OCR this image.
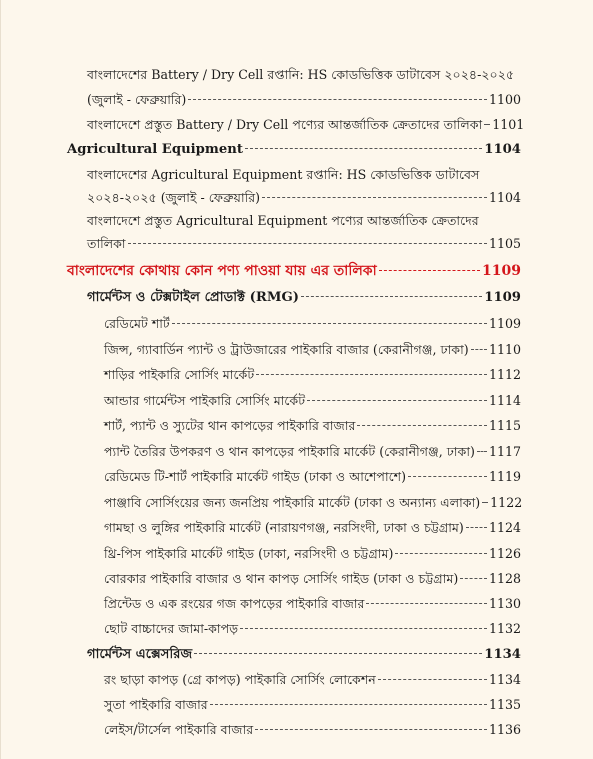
বাংলাদেশের Battery / Dry Cell রপ্তানি: HS কোডভিত্তিক ডাটাবেস ২০২৪-২০২৫
(জুলাই - ফেব্রুয়ারি)	1100
বাংলাদেশে প্রস্তুত Battery / Dry Cell পণ্যের আন্তর্জাতিক ক্রেতাদের তালিকা 1101
Agricultural Equipment	1104
বাংলাদেশের Agricultural Equipment রপ্তানি: HS কোডভিত্তিক ডাটাবেস
২০২৪-২০২৫ (জুলাই - ফেব্রুয়ারি)	1104
বাংলাদেশে প্রস্তুত Agricultural Equipment পণ্যের আন্তর্জাতিক ক্রেতাদের
তালিকা	1105
বাংলাদেশের কোথায় কোন পণ্য পাওয়া যায় এর তালিকা	1109
গার্মেন্টস ও টেক্সটাইল প্রোডাক্ট (RMG)	1109
রেডিমেট শার্ট	1109
জিন্স, গ্যাবার্ডিন প্যান্ট ও ট্রাউজারের পাইকারি বাজার (কেরানীগঞ্জ, ঢাকা) 1110
শাড়ির পাইকারি সোর্সিং মার্কেট	1112
আন্ডার গার্মেন্টস পাইকারি সোর্সিং মার্কেট	1114
শার্ট, প্যান্ট ও স্যুটের থান কাপড়ের পাইকারি বাজার	1115
প্যান্ট তৈরির উপকরণ ও থান কাপড়ের পাইকারি মার্কেট (কেরানীগঞ্জ, ঢাকা) 1117
রেডিমেড টি-শার্ট পাইকারি মার্কেট গাইড (ঢাকা ও আশেপাশে)	1119
পাঞ্জাবি সোর্সিংয়ের জন্য জনপ্রিয় পাইকারি মার্কেট (ঢাকা ও অন্যান্য এলাকা) 1122
গামছা ও লুঙ্গির পাইকারি মার্কেট (নারায়ণগঞ্জ, নরসিংদী, ঢাকা ও চট্টগ্রাম) 1124
থ্রি-পিস পাইকারি মার্কেট গাইড (ঢাকা, নরসিংদী ও চট্টগ্রাম)	1126
বোরকার পাইকারি বাজার ও থান কাপড় সোর্সিং গাইড (ঢাকা ও চট্টগ্রাম) 1128
প্রিন্টেড ও এক রংয়ের গজ কাপড়ের পাইকারি বাজার	1130
ছোট বাচ্চাদের জামা-কাপড়	1132
গার্মেন্টস এক্সেসরিজ	1134
রং ছাড়া কাপড় (গ্রে কাপড়) পাইকারি সোর্সিং লোকেশন	1134
সুতা পাইকারি বাজার	1135
লেইস/টার্সেল পাইকারি বাজার	1136
